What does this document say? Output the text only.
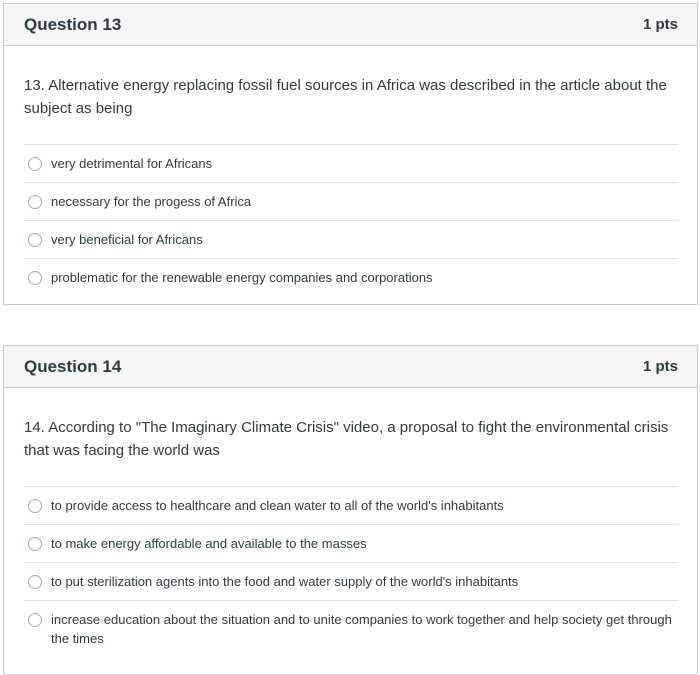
Question 13	1 pts
13. Alternative energy replacing fossil fuel sources in Africa was described in the article about the subject as being
very detrimental for Africans
necessary for the progess of Africa
very beneficial for Africans
problematic for the renewable energy companies and corporations
Question 14	1 pts
14. According to "The Imaginary Climate Crisis" video, a proposal to fight the environmental crisis that was facing the world was
to provide access to healthcare and clean water to all of the world's inhabitants
to make energy affordable and available to the masses
to put sterilization agents into the food and water supply of the world's inhabitants
increase education about the situation and to unite companies to work together and help society get through the times
